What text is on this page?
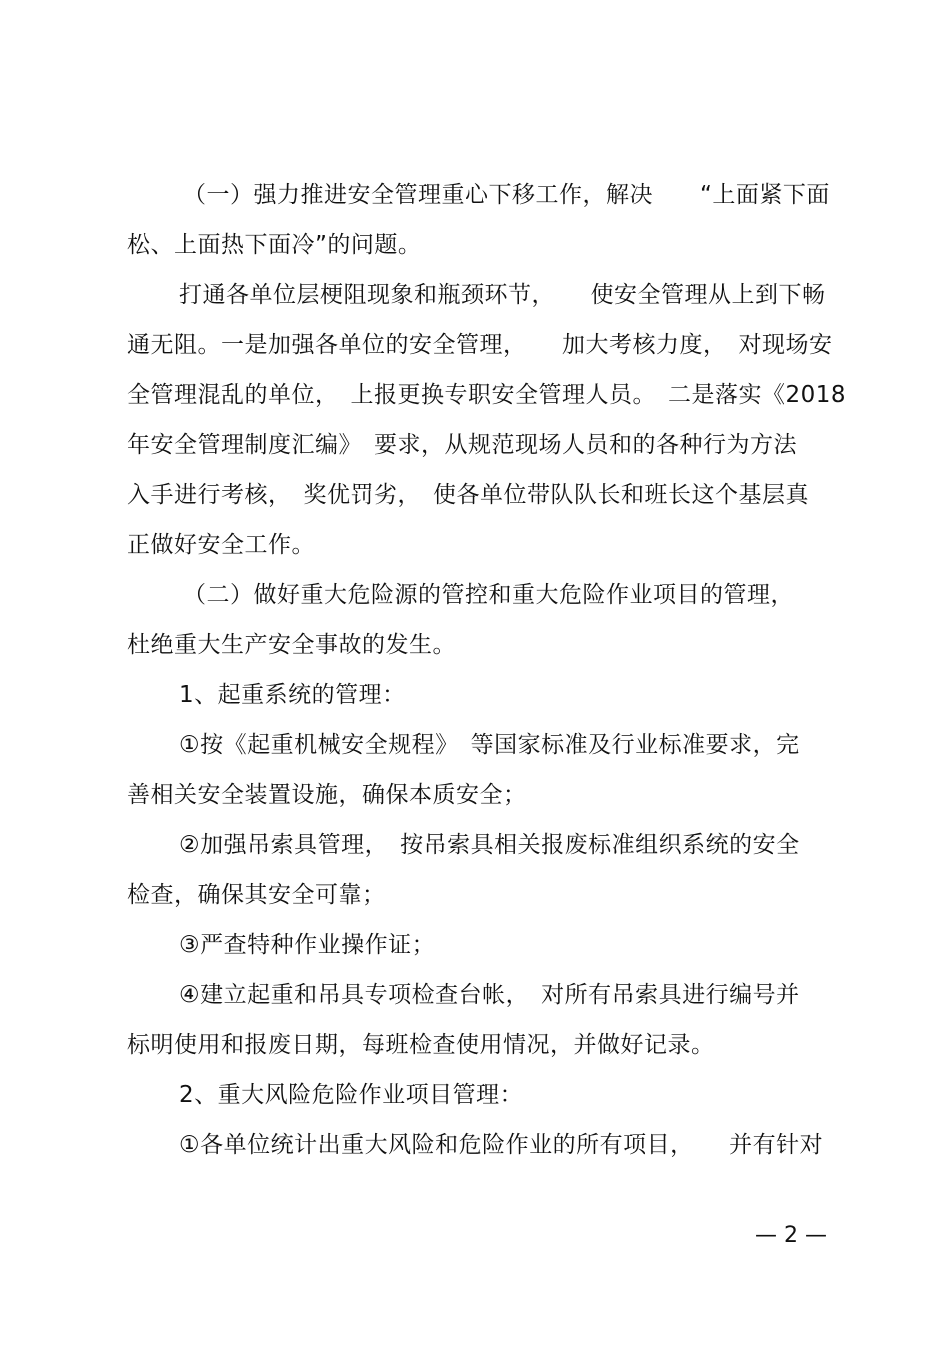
（一）强力推进安全管理重心下移工作，解决　　“上面紧下面
松、上面热下面冷”的问题。
打通各单位层梗阻现象和瓶颈环节，　　使安全管理从上到下畅
通无阻。一是加强各单位的安全管理，　　加大考核力度，　对现场安
全管理混乱的单位，　上报更换专职安全管理人员。　二是落实《2018
年安全管理制度汇编》　要求，从规范现场人员和的各种行为方法
入手进行考核，　奖优罚劣，　使各单位带队队长和班长这个基层真
正做好安全工作。
（二）做好重大危险源的管控和重大危险作业项目的管理，
杜绝重大生产安全事故的发生。
1、起重系统的管理：
①按《起重机械安全规程》　等国家标准及行业标准要求，完
善相关安全装置设施，确保本质安全；
②加强吊索具管理，　按吊索具相关报废标准组织系统的安全
检查，确保其安全可靠；
③严查特种作业操作证；
④建立起重和吊具专项检查台帐，　对所有吊索具进行编号并
标明使用和报废日期，每班检查使用情况，并做好记录。
2、重大风险危险作业项目管理：
①各单位统计出重大风险和危险作业的所有项目，　　并有针对
— 2 —
